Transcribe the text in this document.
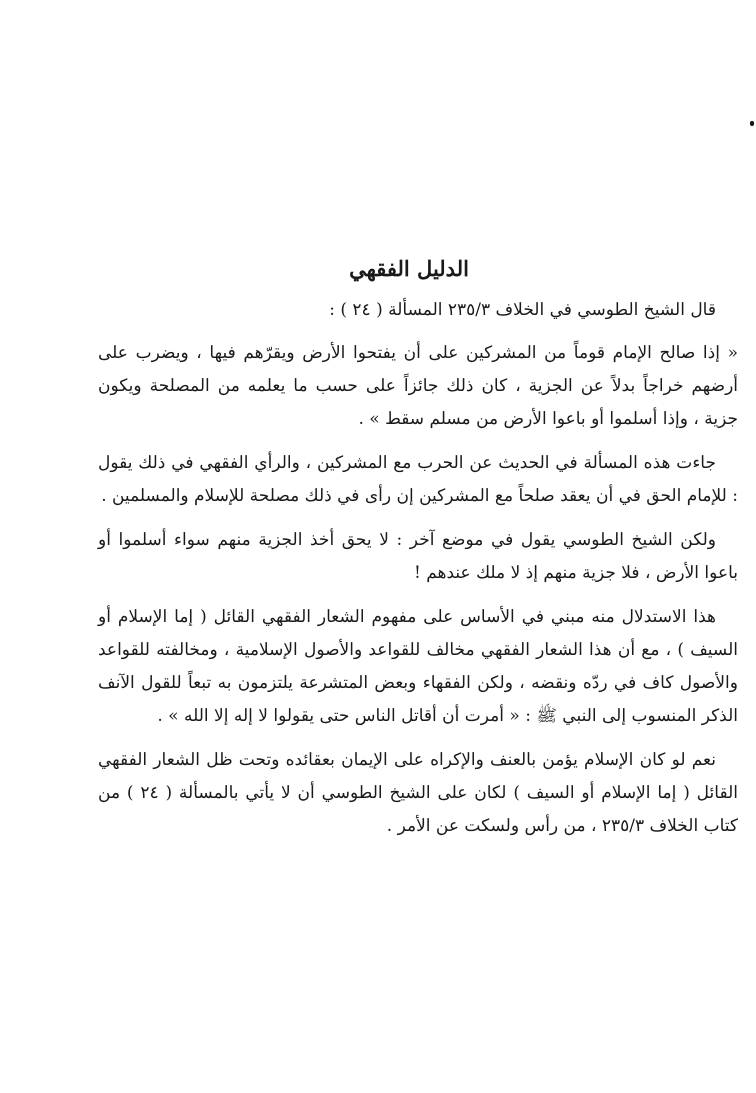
الدليل الفقهي

قال الشيخ الطوسي في الخلاف ٢٣٥/٣ المسألة ( ٢٤ ) :

« إذا صالح الإمام قوماً من المشركين على أن يفتحوا الأرض ويقرّهم فيها ، ويضرب على أرضهم خراجاً بدلاً عن الجزية ، كان ذلك جائزاً على حسب ما يعلمه من المصلحة ويكون جزية ، وإذا أسلموا أو باعوا الأرض من مسلم سقط » .

جاءت هذه المسألة في الحديث عن الحرب مع المشركين ، والرأي الفقهي في ذلك يقول : للإمام الحق في أن يعقد صلحاً مع المشركين إن رأى في ذلك مصلحة للإسلام والمسلمين .

ولكن الشيخ الطوسي يقول في موضع آخر : لا يحق أخذ الجزية منهم سواء أسلموا أو باعوا الأرض ، فلا جزية منهم إذ لا ملك عندهم !

هذا الاستدلال منه مبني في الأساس على مفهوم الشعار الفقهي القائل ( إما الإسلام أو السيف ) ، مع أن هذا الشعار الفقهي مخالف للقواعد والأصول الإسلامية ، ومخالفته للقواعد والأصول كاف في ردّه ونقضه ، ولكن الفقهاء وبعض المتشرعة يلتزمون به تبعاً للقول الآنف الذكر المنسوب إلى النبي ﷺ : « أمرت أن أقاتل الناس حتى يقولوا لا إله إلا الله » .

نعم لو كان الإسلام يؤمن بالعنف والإكراه على الإيمان بعقائده وتحت ظل الشعار الفقهي القائل ( إما الإسلام أو السيف ) لكان على الشيخ الطوسي أن لا يأتي بالمسألة ( ٢٤ ) من كتاب الخلاف ٢٣٥/٣ ، من رأس ولسكت عن الأمر .
